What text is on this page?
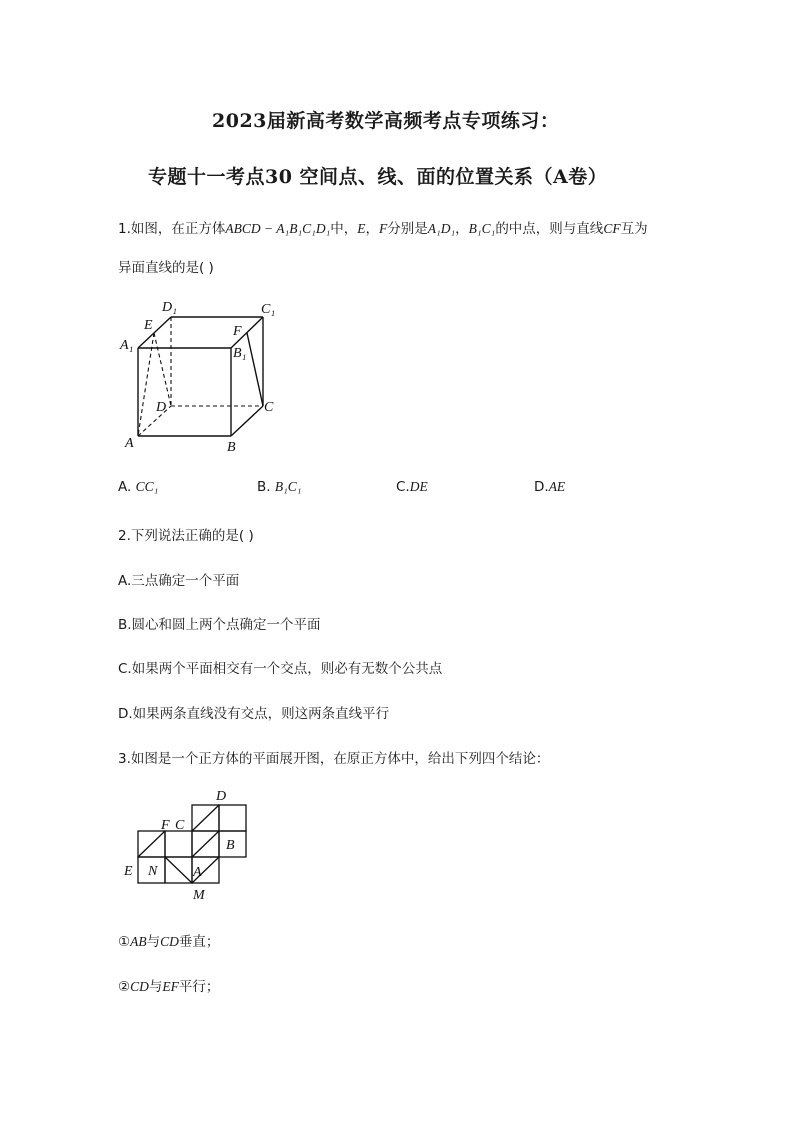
2023届新高考数学高频考点专项练习：
专题十一考点30 空间点、线、面的位置关系（A卷）
1.如图，在正方体ABCD − A₁B₁C₁D₁中，E，F分别是A₁D₁，B₁C₁的中点，则与直线CF互为
异面直线的是( )
D₁	C₁
E	F
A₁
B₁
D	C
A	B
A. CC₁	B. B₁C₁	C.DE	D.AE
2.下列说法正确的是( )
A.三点确定一个平面
B.圆心和圆上两个点确定一个平面
C.如果两个平面相交有一个交点，则必有无数个公共点
D.如果两条直线没有交点，则这两条直线平行
3.如图是一个正方体的平面展开图，在原正方体中，给出下列四个结论：
D
F C
B
E N	A
M
①AB与CD垂直；
②CD与EF平行；
